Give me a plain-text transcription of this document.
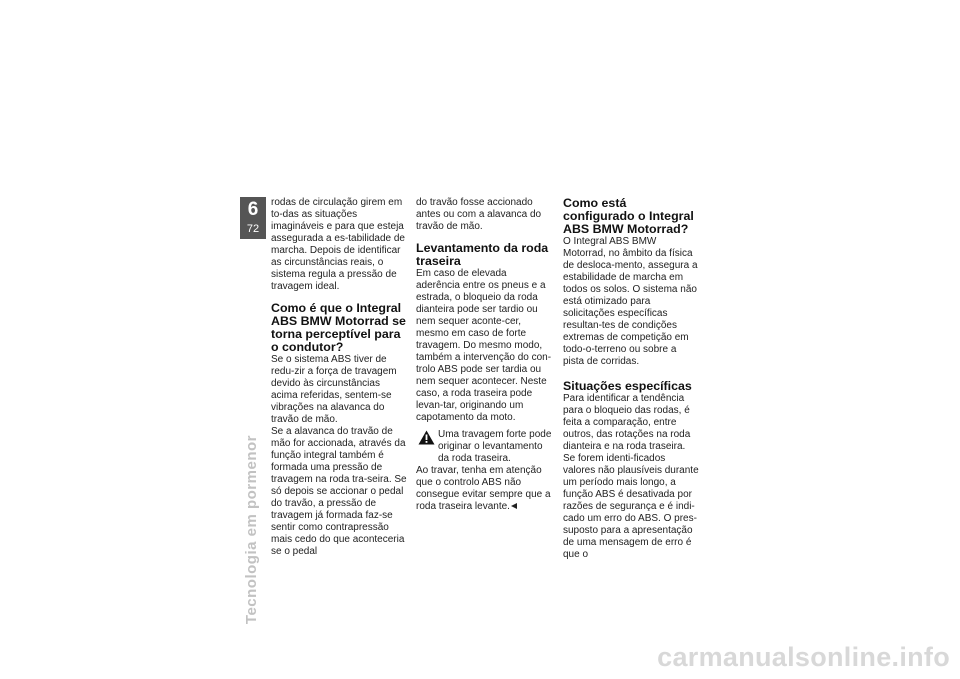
6
72
Tecnologia em pormenor

rodas de circulação girem em to-das as situações imagináveis e para que esteja assegurada a es-tabilidade de marcha. Depois de identificar as circunstâncias reais, o sistema regula a pressão de travagem ideal.

Como é que o Integral ABS BMW Motorrad se torna perceptível para o condutor?

Se o sistema ABS tiver de redu-zir a força de travagem devido às circunstâncias acima referidas, sentem-se vibrações na alavanca do travão de mão.

Se a alavanca do travão de mão for accionada, através da função integral também é formada uma pressão de travagem na roda tra-seira. Se só depois se accionar o pedal do travão, a pressão de travagem já formada faz-se sentir como contrapressão mais cedo do que aconteceria se o pedal

do travão fosse accionado antes ou com a alavanca do travão de mão.

Levantamento da roda traseira

Em caso de elevada aderência entre os pneus e a estrada, o bloqueio da roda dianteira pode ser tardio ou nem sequer aconte-cer, mesmo em caso de forte travagem. Do mesmo modo, também a intervenção do con-trolo ABS pode ser tardia ou nem sequer acontecer. Neste caso, a roda traseira pode levan-tar, originando um capotamento da moto.

Uma travagem forte pode originar o levantamento da roda traseira.

Ao travar, tenha em atenção que o controlo ABS não consegue evitar sempre que a roda traseira levante.

Como está configurado o Integral ABS BMW Motorrad?

O Integral ABS BMW Motorrad, no âmbito da física de desloca-mento, assegura a estabilidade de marcha em todos os solos. O sistema não está otimizado para solicitações específicas resultan-tes de condições extremas de competição em todo-o-terreno ou sobre a pista de corridas.

Situações específicas

Para identificar a tendência para o bloqueio das rodas, é feita a comparação, entre outros, das rotações na roda dianteira e na roda traseira. Se forem identi-ficados valores não plausíveis durante um período mais longo, a função ABS é desativada por razões de segurança e é indi-cado um erro do ABS. O pres-suposto para a apresentação de uma mensagem de erro é que o

carmanualsonline.info
